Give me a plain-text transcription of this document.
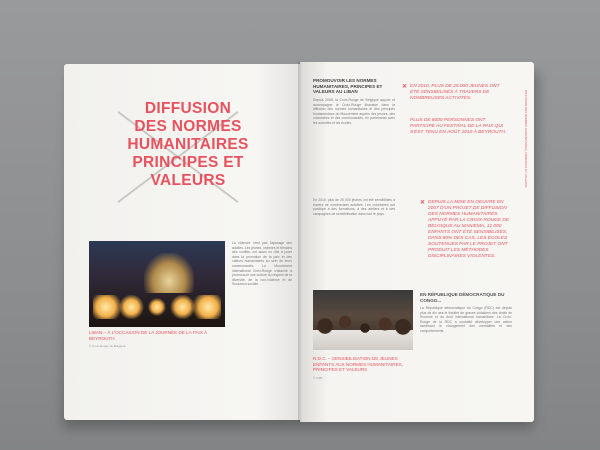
DIFFUSION
DES NORMES
HUMANITAIRES
PRINCIPES ET
VALEURS
LIBAN – À L'OCCASION DE LA JOURNÉE DE LA PAIX À BEYROUTH
© Croix-Rouge de Belgique
La violence n'est pas l'apanage des adultes. Les jeunes, victimes et témoins des conflits, ont aussi un rôle à jouer dans la promotion de la paix et des valeurs humanitaires au sein de leurs communautés. Le Mouvement international Croix-Rouge s'attache à promouvoir une culture du respect de la diversité, de la non-violence et de l'inclusion sociale.
PROMOUVOIR LES NORMES HUMANITAIRES, PRINCIPES ET VALEURS AU LIBAN
Depuis 2008, la Croix-Rouge de Belgique appuie et accompagne la Croix-Rouge libanaise dans la diffusion des normes humanitaires et des principes fondamentaux du Mouvement auprès des jeunes, des volontaires et des communautés, en partenariat avec les autorités et les écoles.
En 2010, plus de 25 000 jeunes ont été sensibilisés à travers de nombreuses activités. Les volontaires ont participé à des formations, à des ateliers et à des campagnes de sensibilisation dans tout le pays.
✕ EN 2010, PLUS DE 25.000 JEUNES ONT ÉTÉ SENSIBILISÉS À TRAVERS DE NOMBREUSES ACTIVITÉS.
PLUS DE 8000 PERSONNES ONT PARTICIPÉ AU FESTIVAL DE LA PAIX QUI S'EST TENU EN AOÛT 2010 À BEYROUTH.
✕ DEPUIS LA MISE EN OEUVRE EN 2007 D'UN PROJET DE DIFFUSION DES NORMES HUMANITAIRES APPUYÉ PAR LA CROIX-ROUGE DE BELGIQUE AU MANIEMA, 12 000 ENFANTS ONT ÉTÉ SENSIBILISÉS, DANS 80% DES CAS, LES ÉCOLES SOUTENUES PAR LE PROJET ONT PRODUIT LES MÉTHODES DISCIPLINAIRES VIOLENTES.
EN RÉPUBLIQUE DÉMOCRATIQUE DU CONGO...
La République démocratique du Congo (RDC) est depuis plus de dix ans le théâtre de graves violations des droits de l'homme et du droit international humanitaire. La Croix-Rouge de la RDC a souhaité développer une action favorisant le changement des mentalités et des comportements.
R.D.C. – SENSIBILISATION DE JEUNES ENFANTS AUX NORMES HUMANITAIRES, PRINCIPES ET VALEURS
© CRB
DIFFUSION DES NORMES HUMANITAIRES, PRINCIPES ET VALEURS
